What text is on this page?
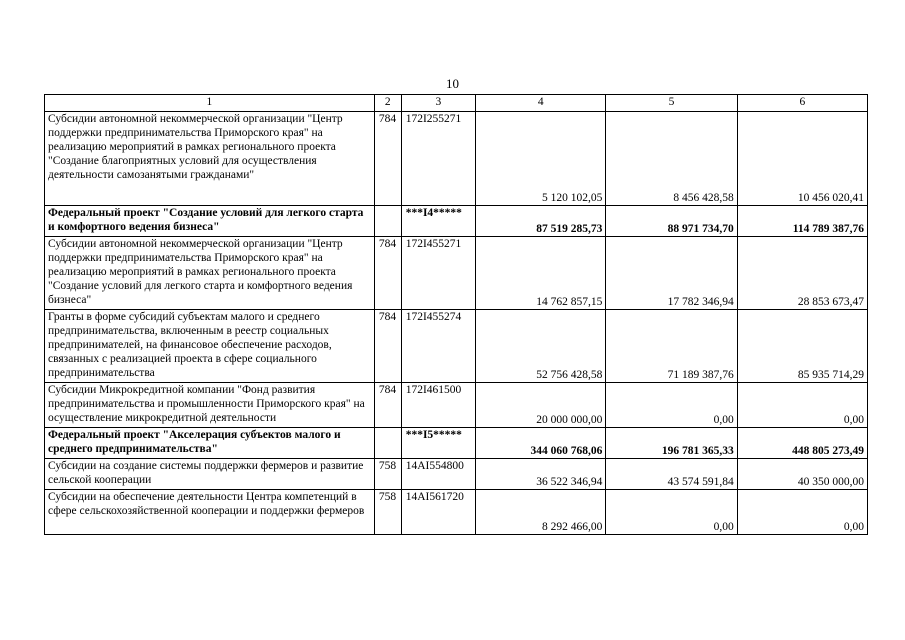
10
1	2	3	4	5	6
Субсидии автономной некоммерческой организации "Центр поддержки предпринимательства Приморского края" на реализацию мероприятий в рамках регионального проекта "Создание благоприятных условий для осуществления деятельности самозанятыми гражданами"	784	172I255271	5 120 102,05	8 456 428,58	10 456 020,41
Федеральный проект "Создание условий для легкого старта и комфортного ведения бизнеса"		***I4*****	87 519 285,73	88 971 734,70	114 789 387,76
Субсидии автономной некоммерческой организации "Центр поддержки предпринимательства Приморского края" на реализацию мероприятий в рамках регионального проекта "Создание условий для легкого старта и комфортного ведения бизнеса"	784	172I455271	14 762 857,15	17 782 346,94	28 853 673,47
Гранты в форме субсидий субъектам малого и среднего предпринимательства, включенным в реестр социальных предпринимателей, на финансовое обеспечение расходов, связанных с реализацией проекта в сфере социального предпринимательства	784	172I455274	52 756 428,58	71 189 387,76	85 935 714,29
Субсидии Микрокредитной компании "Фонд развития предпринимательства и промышленности Приморского края" на осуществление микрокредитной деятельности	784	172I461500	20 000 000,00	0,00	0,00
Федеральный проект "Акселерация субъектов малого и среднего предпринимательства"		***I5*****	344 060 768,06	196 781 365,33	448 805 273,49
Субсидии на создание системы поддержки фермеров и развитие сельской кооперации	758	14AI554800	36 522 346,94	43 574 591,84	40 350 000,00
Субсидии на обеспечение деятельности Центра компетенций в сфере сельскохозяйственной кооперации и поддержки фермеров	758	14AI561720	8 292 466,00	0,00	0,00
